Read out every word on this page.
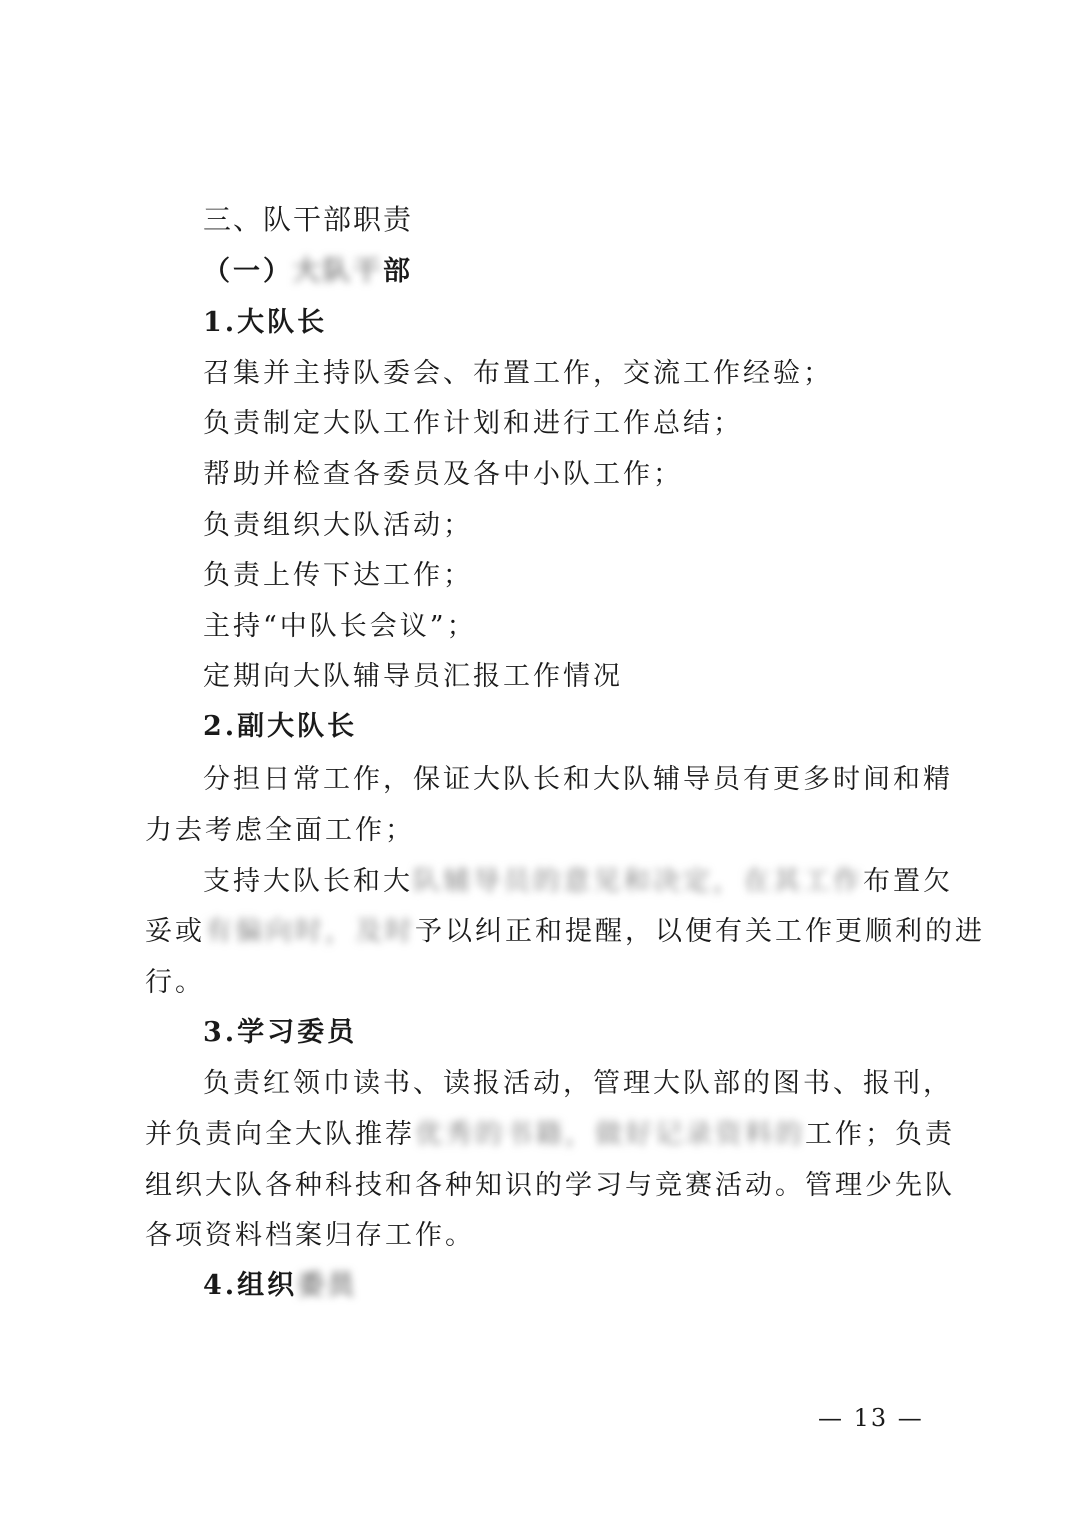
三、队干部职责
（一）大队干部
1.大队长
召集并主持队委会、布置工作，交流工作经验；
负责制定大队工作计划和进行工作总结；
帮助并检查各委员及各中小队工作；
负责组织大队活动；
负责上传下达工作；
主持“中队长会议”；
定期向大队辅导员汇报工作情况
2.副大队长
分担日常工作，保证大队长和大队辅导员有更多时间和精
力去考虑全面工作；
支持大队长和大队辅导员的意见和决定，在其工作布置欠
妥或有偏向时，及时予以纠正和提醒，以便有关工作更顺利的进
行。
3.学习委员
负责红领巾读书、读报活动，管理大队部的图书、报刊，
并负责向全大队推荐优秀的书籍，做好记录资料的工作；负责
组织大队各种科技和各种知识的学习与竞赛活动。管理少先队
各项资料档案归存工作。
4.组织委员
— 13 —
